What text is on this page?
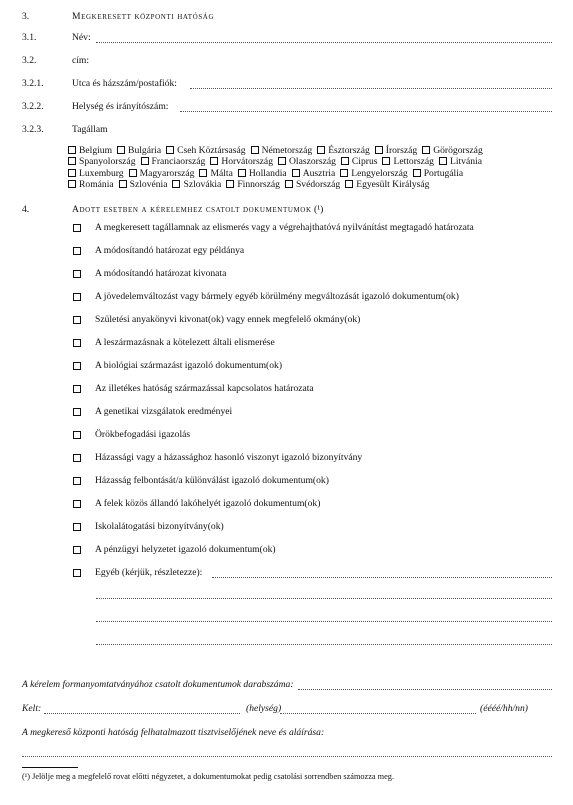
3.	Megkeresett központi hatóság
3.1.	Név:
3.2.	cím:
3.2.1.	Utca és házszám/postafiók:
3.2.2.	Helység és irányítószám:
3.2.3.	Tagállam
Belgium Bulgária Cseh Köztársaság Németország Észtország Írország Görögország
Spanyolország Franciaország Horvátország Olaszország Ciprus Lettország Litvánia
Luxemburg Magyarország Málta Hollandia Ausztria Lengyelország Portugália
Románia Szlovénia Szlovákia Finnország Svédország Egyesült Királyság
4.	Adott esetben a kérelemhez csatolt dokumentumok (¹)
A megkeresett tagállamnak az elismerés vagy a végrehajthatóvá nyilvánítást megtagadó határozata
A módosítandó határozat egy példánya
A módosítandó határozat kivonata
A jövedelemváltozást vagy bármely egyéb körülmény megváltozását igazoló dokumentum(ok)
Születési anyakönyvi kivonat(ok) vagy ennek megfelelő okmány(ok)
A leszármazásnak a kötelezett általi elismerése
A biológiai származást igazoló dokumentum(ok)
Az illetékes hatóság származással kapcsolatos határozata
A genetikai vizsgálatok eredményei
Örökbefogadási igazolás
Házassági vagy a házassághoz hasonló viszonyt igazoló bizonyítvány
Házasság felbontását/a különválást igazoló dokumentum(ok)
A felek közös állandó lakóhelyét igazoló dokumentum(ok)
Iskolalátogatási bizonyítvány(ok)
A pénzügyi helyzetet igazoló dokumentum(ok)
Egyéb (kérjük, részletezze):
A kérelem formanyomtatványához csatolt dokumentumok darabszáma:
Kelt:	(helység)	(éééé/hh/nn)
A megkereső központi hatóság felhatalmazott tisztviselőjének neve és aláírása:
(¹) Jelölje meg a megfelelő rovat előtti négyzetet, a dokumentumokat pedig csatolási sorrendben számozza meg.
